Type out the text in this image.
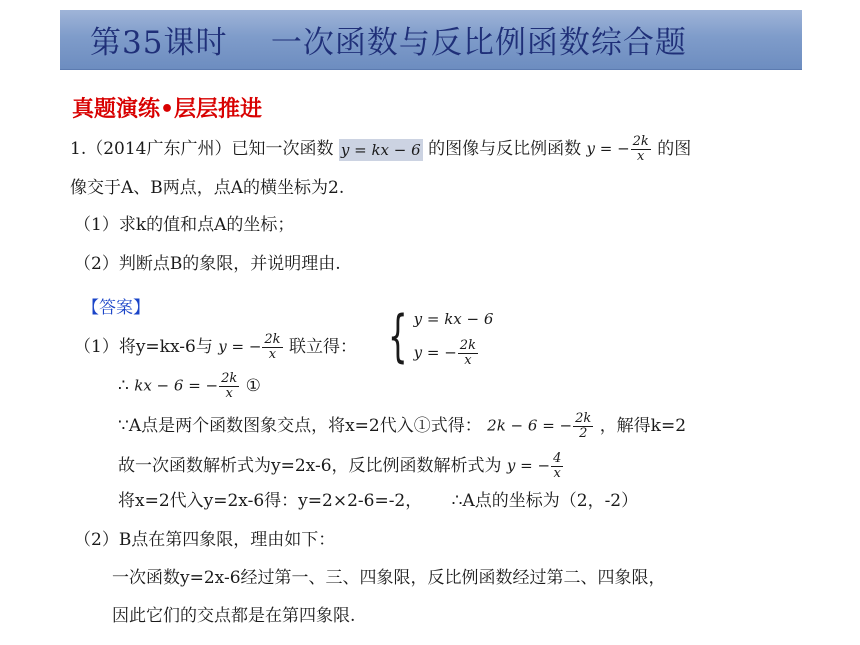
第35课时    一次函数与反比例函数综合题
真题演练•层层推进
1.（2014广东广州）已知一次函数 y = kx − 6 的图像与反比例函数 y = − $\frac{2k}{x}$ 的图
像交于A、B两点，点A的横坐标为2.
（1）求k的值和点A的坐标；
（2）判断点B的象限，并说明理由.
【答案】
（1）将y=kx-6与 y = − $\frac{2k}{x}$ 联立得： { y = kx − 6
y = − $\frac{2k}{x}$
∴ kx − 6 = − $\frac{2k}{x}$ ①
∵A点是两个函数图象交点，将x=2代入①式得： 2k − 6 = − $\frac{2k}{2}$ ，解得k=2
故一次函数解析式为y=2x-6，反比例函数解析式为 y = − $\frac{4}{x}$
将x=2代入y=2x-6得：y=2×2-6=-2， ∴A点的坐标为（2，-2）
（2）B点在第四象限，理由如下：
一次函数y=2x-6经过第一、三、四象限，反比例函数经过第二、四象限，
因此它们的交点都是在第四象限.
